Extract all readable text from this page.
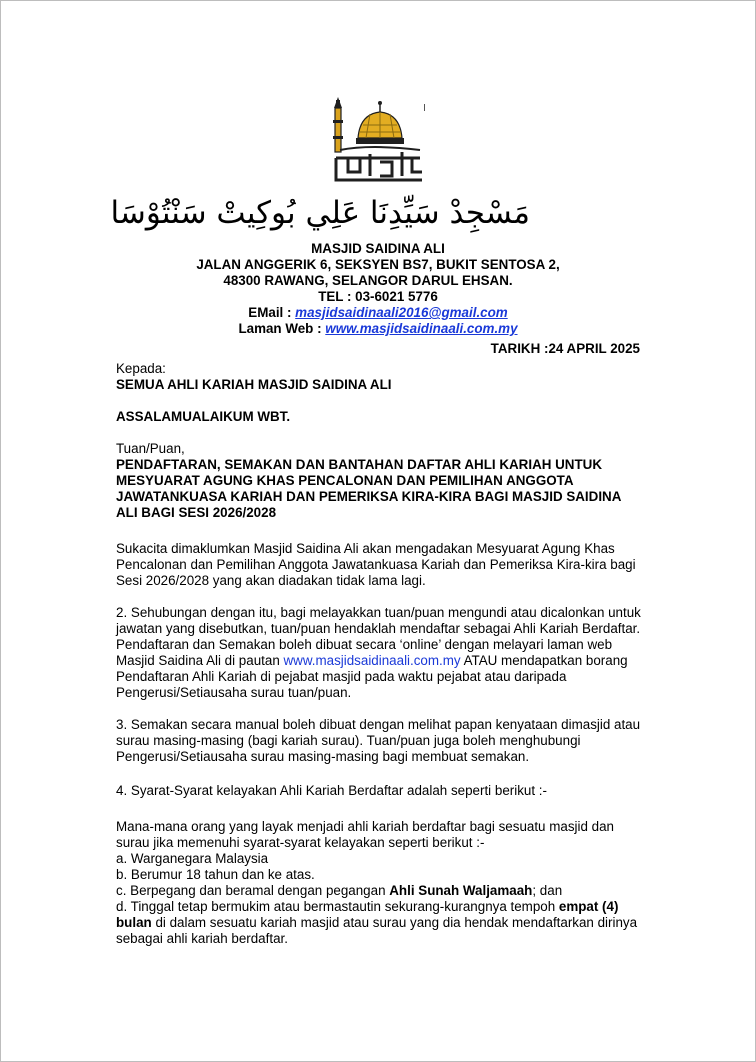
مَسْجِدْ سَيِّدِنَا عَلِي بُوكِيتْ سَنْتُوْسَا
MASJID SAIDINA ALI
JALAN ANGGERIK 6, SEKSYEN BS7, BUKIT SENTOSA 2,
48300 RAWANG, SELANGOR DARUL EHSAN.
TEL : 03-6021 5776
EMail : masjidsaidinaali2016@gmail.com
Laman Web : www.masjidsaidinaali.com.my
TARIKH :24 APRIL 2025
Kepada:
SEMUA AHLI KARIAH MASJID SAIDINA ALI
ASSALAMUALAIKUM WBT.
Tuan/Puan,
PENDAFTARAN, SEMAKAN DAN BANTAHAN DAFTAR AHLI KARIAH UNTUK MESYUARAT AGUNG KHAS PENCALONAN DAN PEMILIHAN ANGGOTA JAWATANKUASA KARIAH DAN PEMERIKSA KIRA-KIRA BAGI MASJID SAIDINA ALI BAGI SESI 2026/2028
Sukacita dimaklumkan Masjid Saidina Ali akan mengadakan Mesyuarat Agung Khas Pencalonan dan Pemilihan Anggota Jawatankuasa Kariah dan Pemeriksa Kira-kira bagi Sesi 2026/2028 yang akan diadakan tidak lama lagi.
2. Sehubungan dengan itu, bagi melayakkan tuan/puan mengundi atau dicalonkan untuk jawatan yang disebutkan, tuan/puan hendaklah mendaftar sebagai Ahli Kariah Berdaftar. Pendaftaran dan Semakan boleh dibuat secara ‘online’ dengan melayari laman web Masjid Saidina Ali di pautan www.masjidsaidinaali.com.my ATAU mendapatkan borang Pendaftaran Ahli Kariah di pejabat masjid pada waktu pejabat atau daripada Pengerusi/Setiausaha surau tuan/puan.
3. Semakan secara manual boleh dibuat dengan melihat papan kenyataan dimasjid atau surau masing-masing (bagi kariah surau). Tuan/puan juga boleh menghubungi Pengerusi/Setiausaha surau masing-masing bagi membuat semakan.
4. Syarat-Syarat kelayakan Ahli Kariah Berdaftar adalah seperti berikut :-
Mana-mana orang yang layak menjadi ahli kariah berdaftar bagi sesuatu masjid dan surau jika memenuhi syarat-syarat kelayakan seperti berikut :-
a. Warganegara Malaysia
b. Berumur 18 tahun dan ke atas.
c. Berpegang dan beramal dengan pegangan Ahli Sunah Waljamaah; dan
d. Tinggal tetap bermukim atau bermastautin sekurang-kurangnya tempoh empat (4) bulan di dalam sesuatu kariah masjid atau surau yang dia hendak mendaftarkan dirinya sebagai ahli kariah berdaftar.
